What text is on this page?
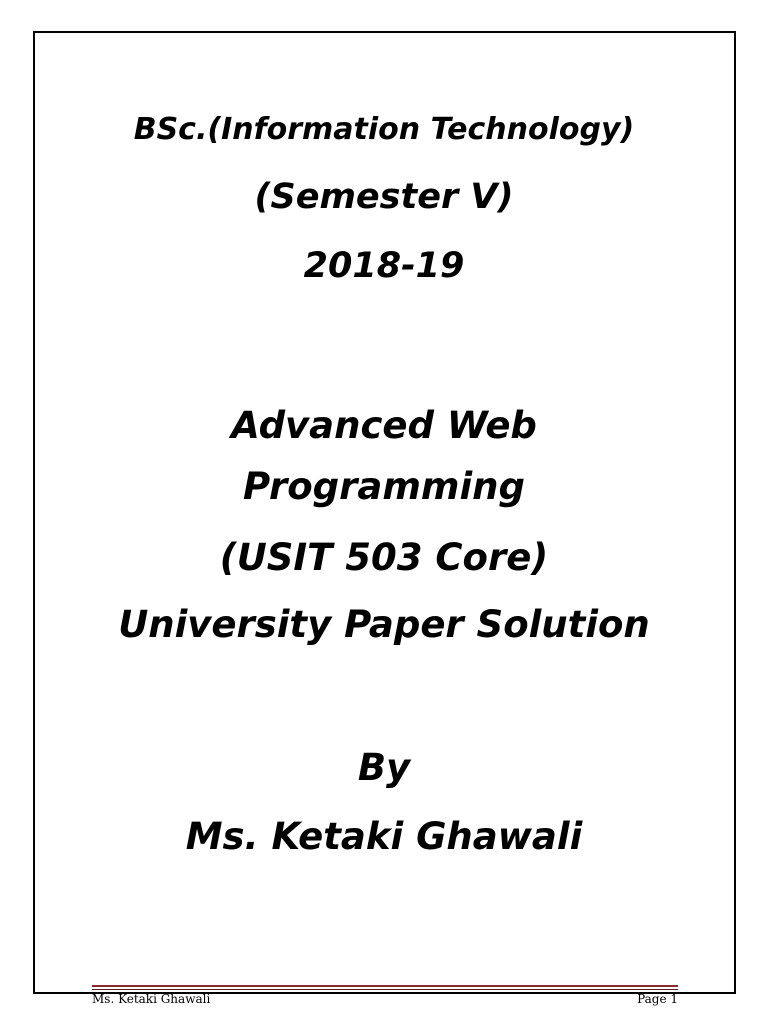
BSc.(Information Technology)
(Semester V)
2018-19
Advanced Web
Programming
(USIT 503 Core)
University Paper Solution
By
Ms. Ketaki Ghawali
Ms. Ketaki Ghawali	Page 1
